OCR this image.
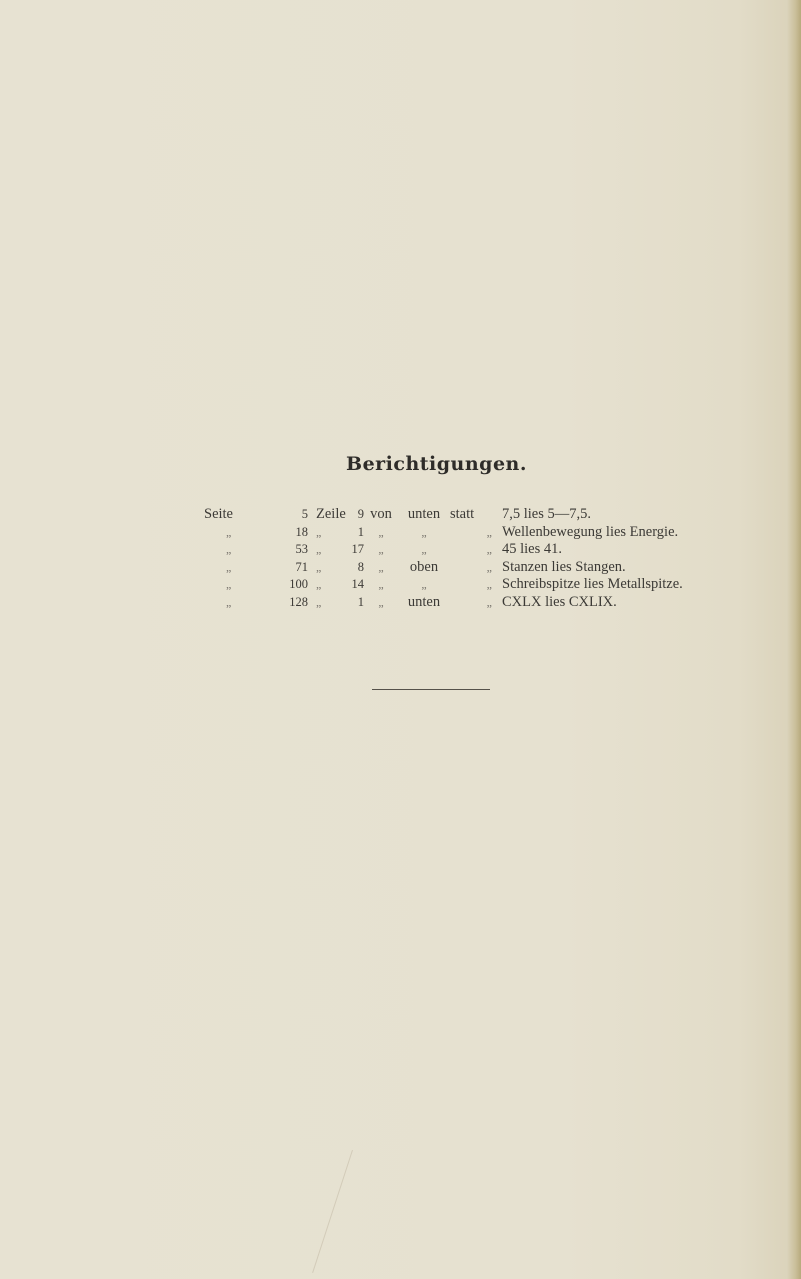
Berichtigungen.
Seite	5	Zeile	9	von	unten	statt	7,5 lies 5—7,5.
„	18	„	1	„	„	„	Wellenbewegung lies Energie.
„	53	„	17	„	„	„	45 lies 41.
„	71	„	8	„	oben	„	Stanzen lies Stangen.
„	100	„	14	„	„	„	Schreibspitze lies Metallspitze.
„	128	„	1	„	unten	„	CXLX lies CXLIX.
